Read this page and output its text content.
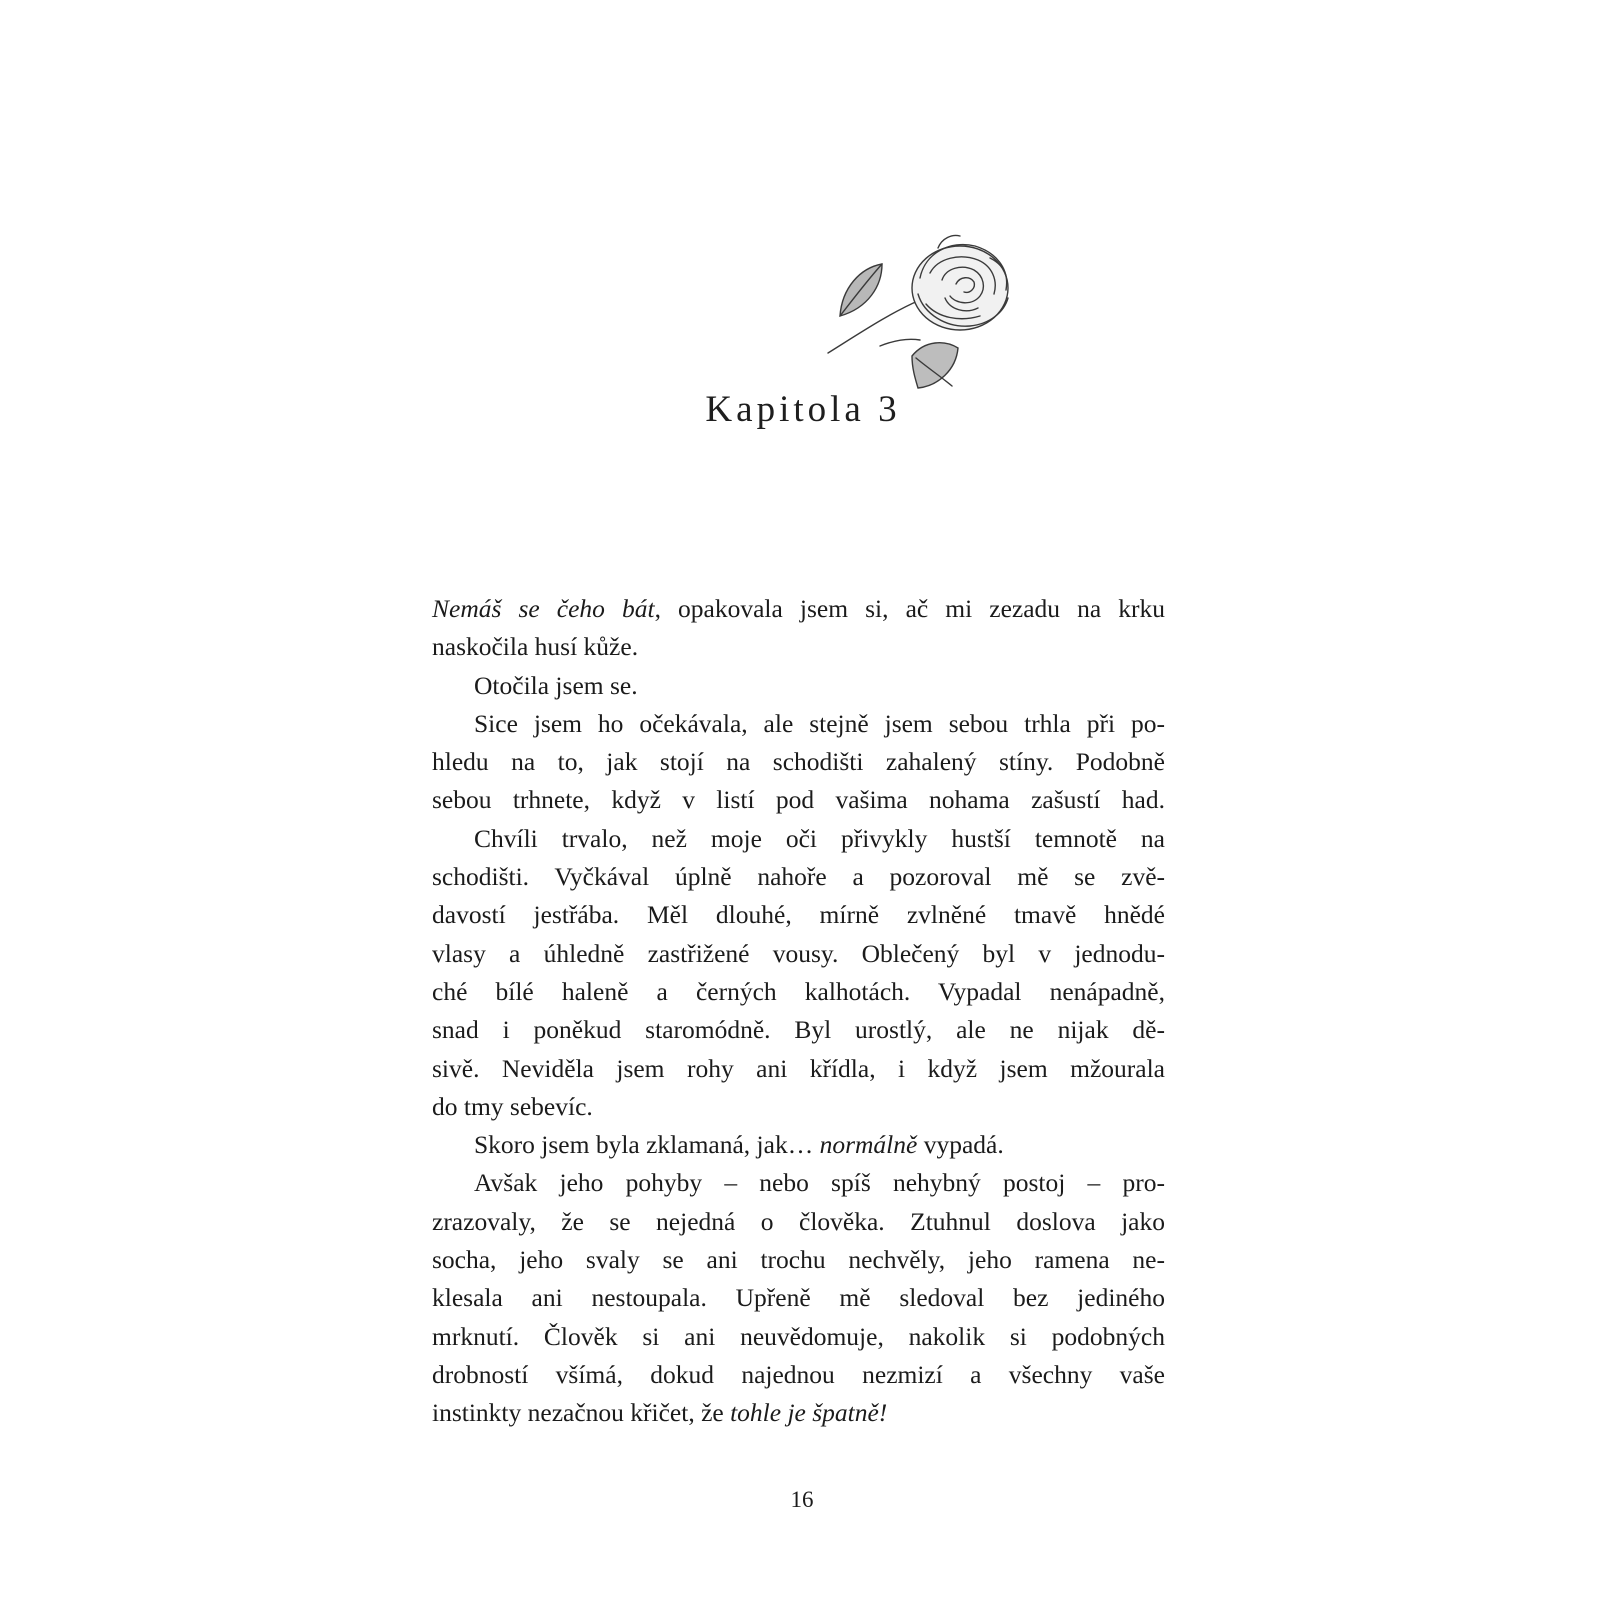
Kapitola 3
Nemáš se čeho bát, opakovala jsem si, ač mi zezadu na krku
naskočila husí kůže.
Otočila jsem se.
Sice jsem ho očekávala, ale stejně jsem sebou trhla při po-
hledu na to, jak stojí na schodišti zahalený stíny. Podobně
sebou trhnete, když v listí pod vašima nohama zašustí had.
Chvíli trvalo, než moje oči přivykly hustší temnotě na
schodišti. Vyčkával úplně nahoře a pozoroval mě se zvě-
davostí jestřába. Měl dlouhé, mírně zvlněné tmavě hnědé
vlasy a úhledně zastřižené vousy. Oblečený byl v jednodu-
ché bílé haleně a černých kalhotách. Vypadal nenápadně,
snad i poněkud staromódně. Byl urostlý, ale ne nijak dě-
sivě. Neviděla jsem rohy ani křídla, i když jsem mžourala
do tmy sebevíc.
Skoro jsem byla zklamaná, jak… normálně vypadá.
Avšak jeho pohyby – nebo spíš nehybný postoj – pro-
zrazovaly, že se nejedná o člověka. Ztuhnul doslova jako
socha, jeho svaly se ani trochu nechvěly, jeho ramena ne-
klesala ani nestoupala. Upřeně mě sledoval bez jediného
mrknutí. Člověk si ani neuvědomuje, nakolik si podobných
drobností všímá, dokud najednou nezmizí a všechny vaše
instinkty nezačnou křičet, že tohle je špatně!
16
